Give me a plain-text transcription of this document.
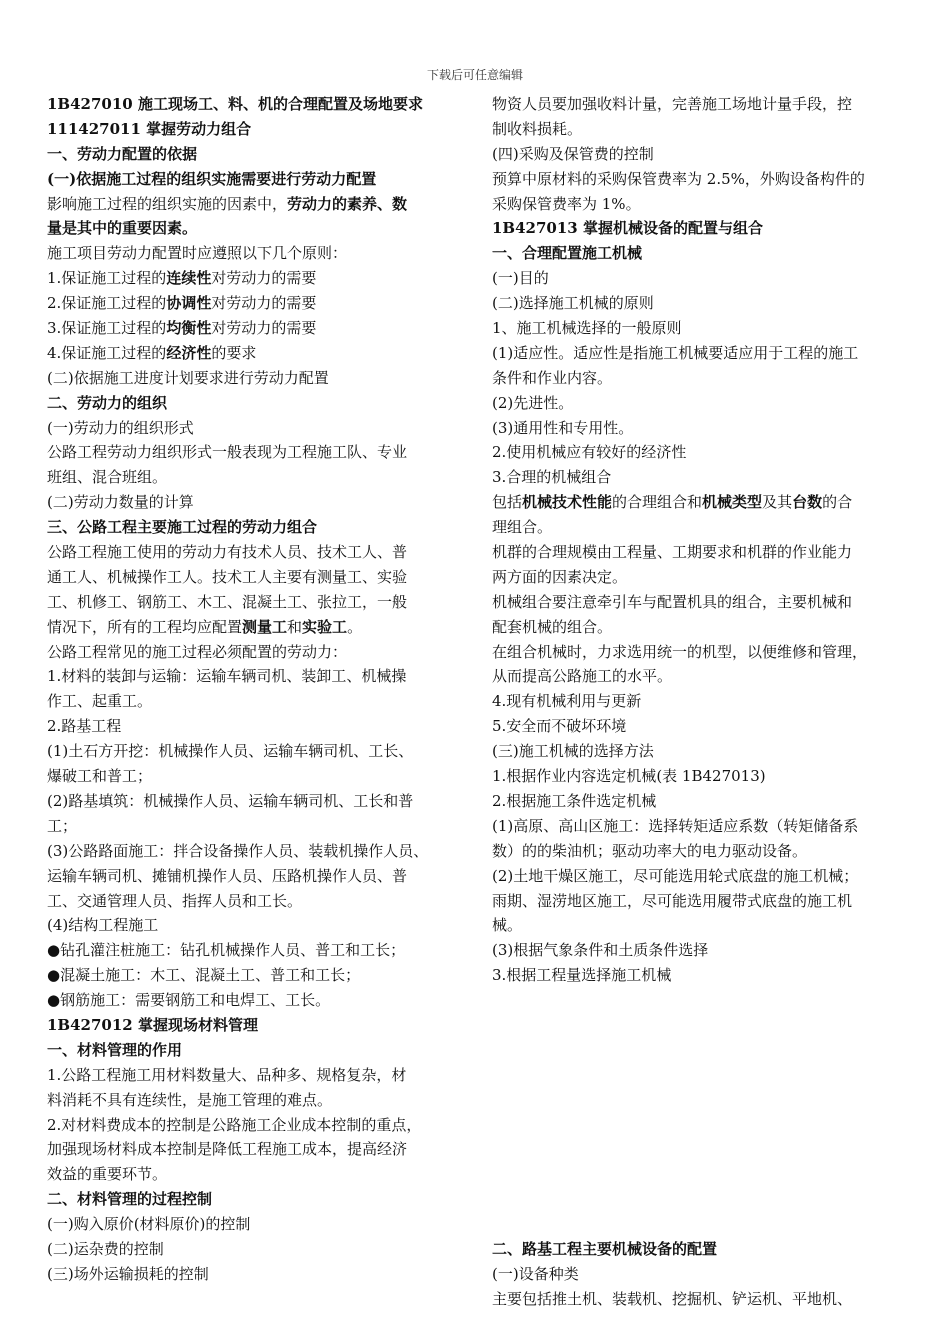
下载后可任意编辑
1B427010 施工现场工、料、机的合理配置及场地要求
111427011 掌握劳动力组合
一、劳动力配置的依据
(一)依据施工过程的组织实施需要进行劳动力配置
影响施工过程的组织实施的因素中，劳动力的素养、数
量是其中的重要因素。
施工项目劳动力配置时应遵照以下几个原则：
1.保证施工过程的连续性对劳动力的需要
2.保证施工过程的协调性对劳动力的需要
3.保证施工过程的均衡性对劳动力的需要
4.保证施工过程的经济性的要求
(二)依据施工进度计划要求进行劳动力配置
二、劳动力的组织
(一)劳动力的组织形式
公路工程劳动力组织形式一般表现为工程施工队、专业
班组、混合班组。
(二)劳动力数量的计算
三、公路工程主要施工过程的劳动力组合
公路工程施工使用的劳动力有技术人员、技术工人、普
通工人、机械操作工人。技术工人主要有测量工、实验
工、机修工、钢筋工、木工、混凝土工、张拉工，一般
情况下，所有的工程均应配置测量工和实验工。
公路工程常见的施工过程必须配置的劳动力：
1.材料的装卸与运输：运输车辆司机、装卸工、机械操
作工、起重工。
2.路基工程
(1)土石方开挖：机械操作人员、运输车辆司机、工长、
爆破工和普工；
(2)路基填筑：机械操作人员、运输车辆司机、工长和普
工；
(3)公路路面施工：拌合设备操作人员、装载机操作人员、
运输车辆司机、摊铺机操作人员、压路机操作人员、普
工、交通管理人员、指挥人员和工长。
(4)结构工程施工
●钻孔灌注桩施工：钻孔机械操作人员、普工和工长；
●混凝土施工：木工、混凝土工、普工和工长；
●钢筋施工：需要钢筋工和电焊工、工长。
1B427012 掌握现场材料管理
一、材料管理的作用
1.公路工程施工用材料数量大、品种多、规格复杂，材
料消耗不具有连续性，是施工管理的难点。
2.对材料费成本的控制是公路施工企业成本控制的重点，
加强现场材料成本控制是降低工程施工成本，提高经济
效益的重要环节。
二、材料管理的过程控制
(一)购入原价(材料原价)的控制
(二)运杂费的控制
(三)场外运输损耗的控制
物资人员要加强收料计量，完善施工场地计量手段，控
制收料损耗。
(四)采购及保管费的控制
预算中原材料的采购保管费率为 2.5%，外购设备构件的
采购保管费率为 1%。
1B427013 掌握机械设备的配置与组合
一、合理配置施工机械
(一)目的
(二)选择施工机械的原则
1、施工机械选择的一般原则
(1)适应性。适应性是指施工机械要适应用于工程的施工
条件和作业内容。
(2)先进性。
(3)通用性和专用性。
2.使用机械应有较好的经济性
3.合理的机械组合
包括机械技术性能的合理组合和机械类型及其台数的合
理组合。
机群的合理规模由工程量、工期要求和机群的作业能力
两方面的因素决定。
机械组合要注意牵引车与配置机具的组合，主要机械和
配套机械的组合。
在组合机械时，力求选用统一的机型，以便维修和管理，
从而提高公路施工的水平。
4.现有机械利用与更新
5.安全而不破坏环境
(三)施工机械的选择方法
1.根据作业内容选定机械(表 1B427013)
2.根据施工条件选定机械
(1)高原、高山区施工：选择转矩适应系数（转矩储备系
数）的的柴油机；驱动功率大的电力驱动设备。
(2)土地干燥区施工，尽可能选用轮式底盘的施工机械；
雨期、湿涝地区施工，尽可能选用履带式底盘的施工机
械。
(3)根据气象条件和土质条件选择
3.根据工程量选择施工机械
二、路基工程主要机械设备的配置
(一)设备种类
主要包括推土机、装载机、挖掘机、铲运机、平地机、
